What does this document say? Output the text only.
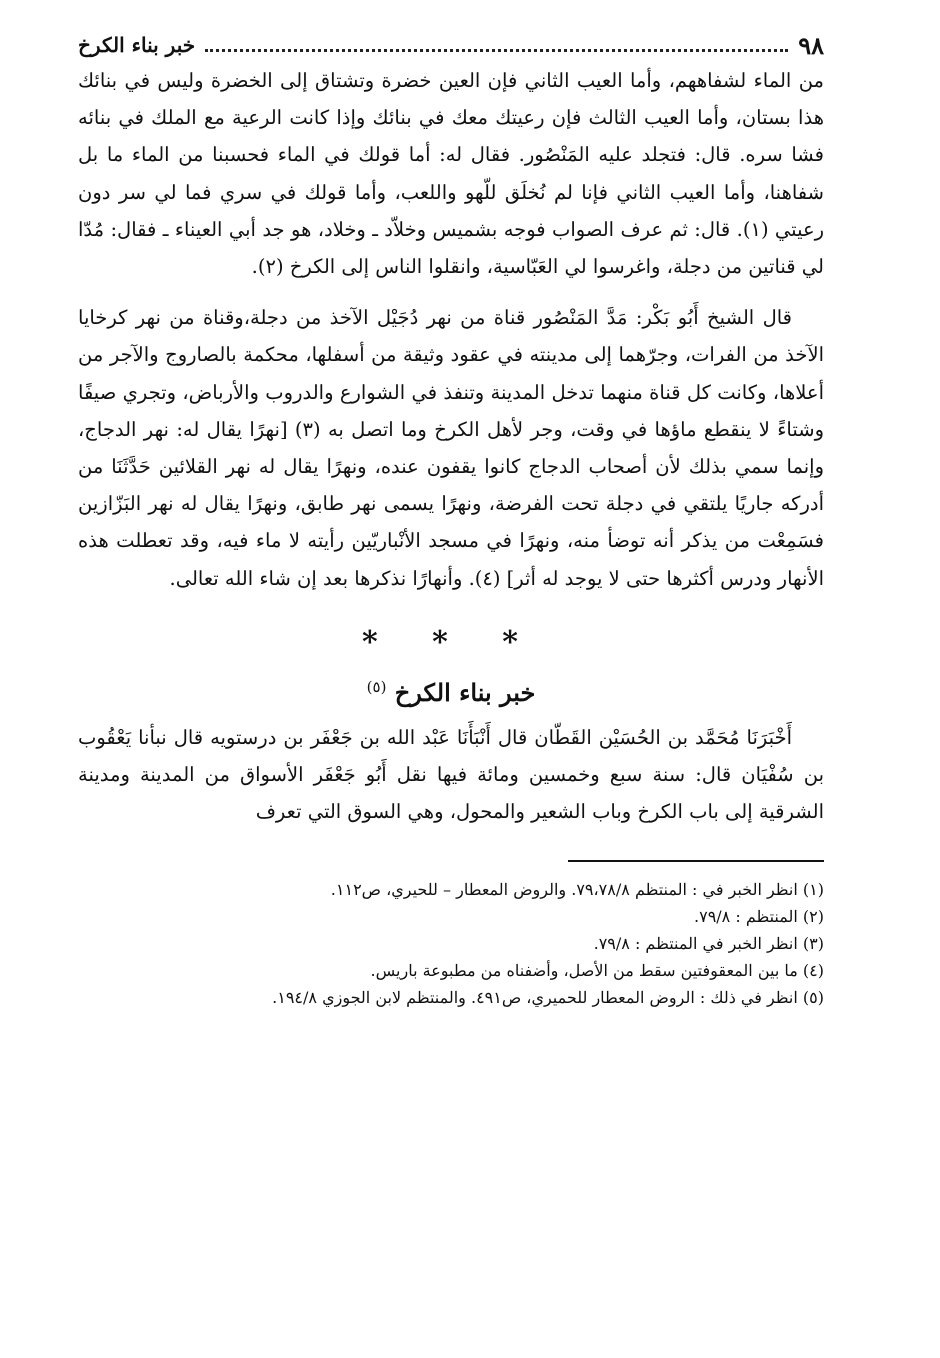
٩٨
خبر بناء الكرخ

من الماء لشفاههم، وأما العيب الثاني فإن العين خضرة وتشتاق إلى الخضرة وليس في بنائك هذا بستان، وأما العيب الثالث فإن رعيتك معك في بنائك وإذا كانت الرعية مع الملك في بنائه فشا سره. قال: فتجلد عليه المَنْصُور. فقال له: أما قولك في الماء فحسبنا من الماء ما بل شفاهنا، وأما العيب الثاني فإنا لم نُخلَق للّهو واللعب، وأما قولك في سري فما لي سر دون رعيتي (١). قال: ثم عرف الصواب فوجه بشميس وخلاّد ـ وخلاد، هو جد أبي العيناء ـ فقال: مُدّا لي قناتين من دجلة، واغرسوا لي العَبّاسية، وانقلوا الناس إلى الكرخ (٢).

قال الشيخ أَبُو بَكْر: مَدَّ المَنْصُور قناة من نهر دُجَيْل الآخذ من دجلة،وقناة من نهر كرخايا الآخذ من الفرات، وجرّهما إلى مدينته في عقود وثيقة من أسفلها، محكمة بالصاروج والآجر من أعلاها، وكانت كل قناة منهما تدخل المدينة وتنفذ في الشوارع والدروب والأرباض، وتجري صيفًا وشتاءً لا ينقطع ماؤها في وقت، وجر لأهل الكرخ وما اتصل به (٣) [نهرًا يقال له: نهر الدجاج، وإنما سمي بذلك لأن أصحاب الدجاج كانوا يقفون عنده، ونهرًا يقال له نهر القلائين حَدَّثَنَا من أدركه جاريًا يلتقي في دجلة تحت الفرضة، ونهرًا يسمى نهر طابق، ونهرًا يقال له نهر البَزّازين فسَمِعْت من يذكر أنه توضأ منه، ونهرًا في مسجد الأنْباريّين رأيته لا ماء فيه، وقد تعطلت هذه الأنهار ودرس أكثرها حتى لا يوجد له أثر] (٤). وأنهارًا نذكرها بعد إن شاء الله تعالى.

* * *
خبر بناء الكرخ $^{(٥)}$

أَخْبَرَنَا مُحَمَّد بن الحُسَيْن القَطّان قال أَنْبَأَنَا عَبْد الله بن جَعْفَر بن درستويه قال نبأنا يَعْقُوب بن سُفْيَان قال: سنة سبع وخمسين ومائة فيها نقل أَبُو جَعْفَر الأسواق من المدينة ومدينة الشرقية إلى باب الكرخ وباب الشعير والمحول، وهي السوق التي تعرف

(١) انظر الخبر في : المنتظم ٧٩،٧٨/٨. والروض المعطار – للحيري، ص١١٢.

(٢) المنتظم : ٧٩/٨.

(٣) انظر الخبر في المنتظم : ٧٩/٨.

(٤) ما بين المعقوفتين سقط من الأصل، وأضفناه من مطبوعة باريس.

(٥) انظر في ذلك : الروض المعطار للحميري، ص٤٩١. والمنتظم لابن الجوزي ١٩٤/٨.
